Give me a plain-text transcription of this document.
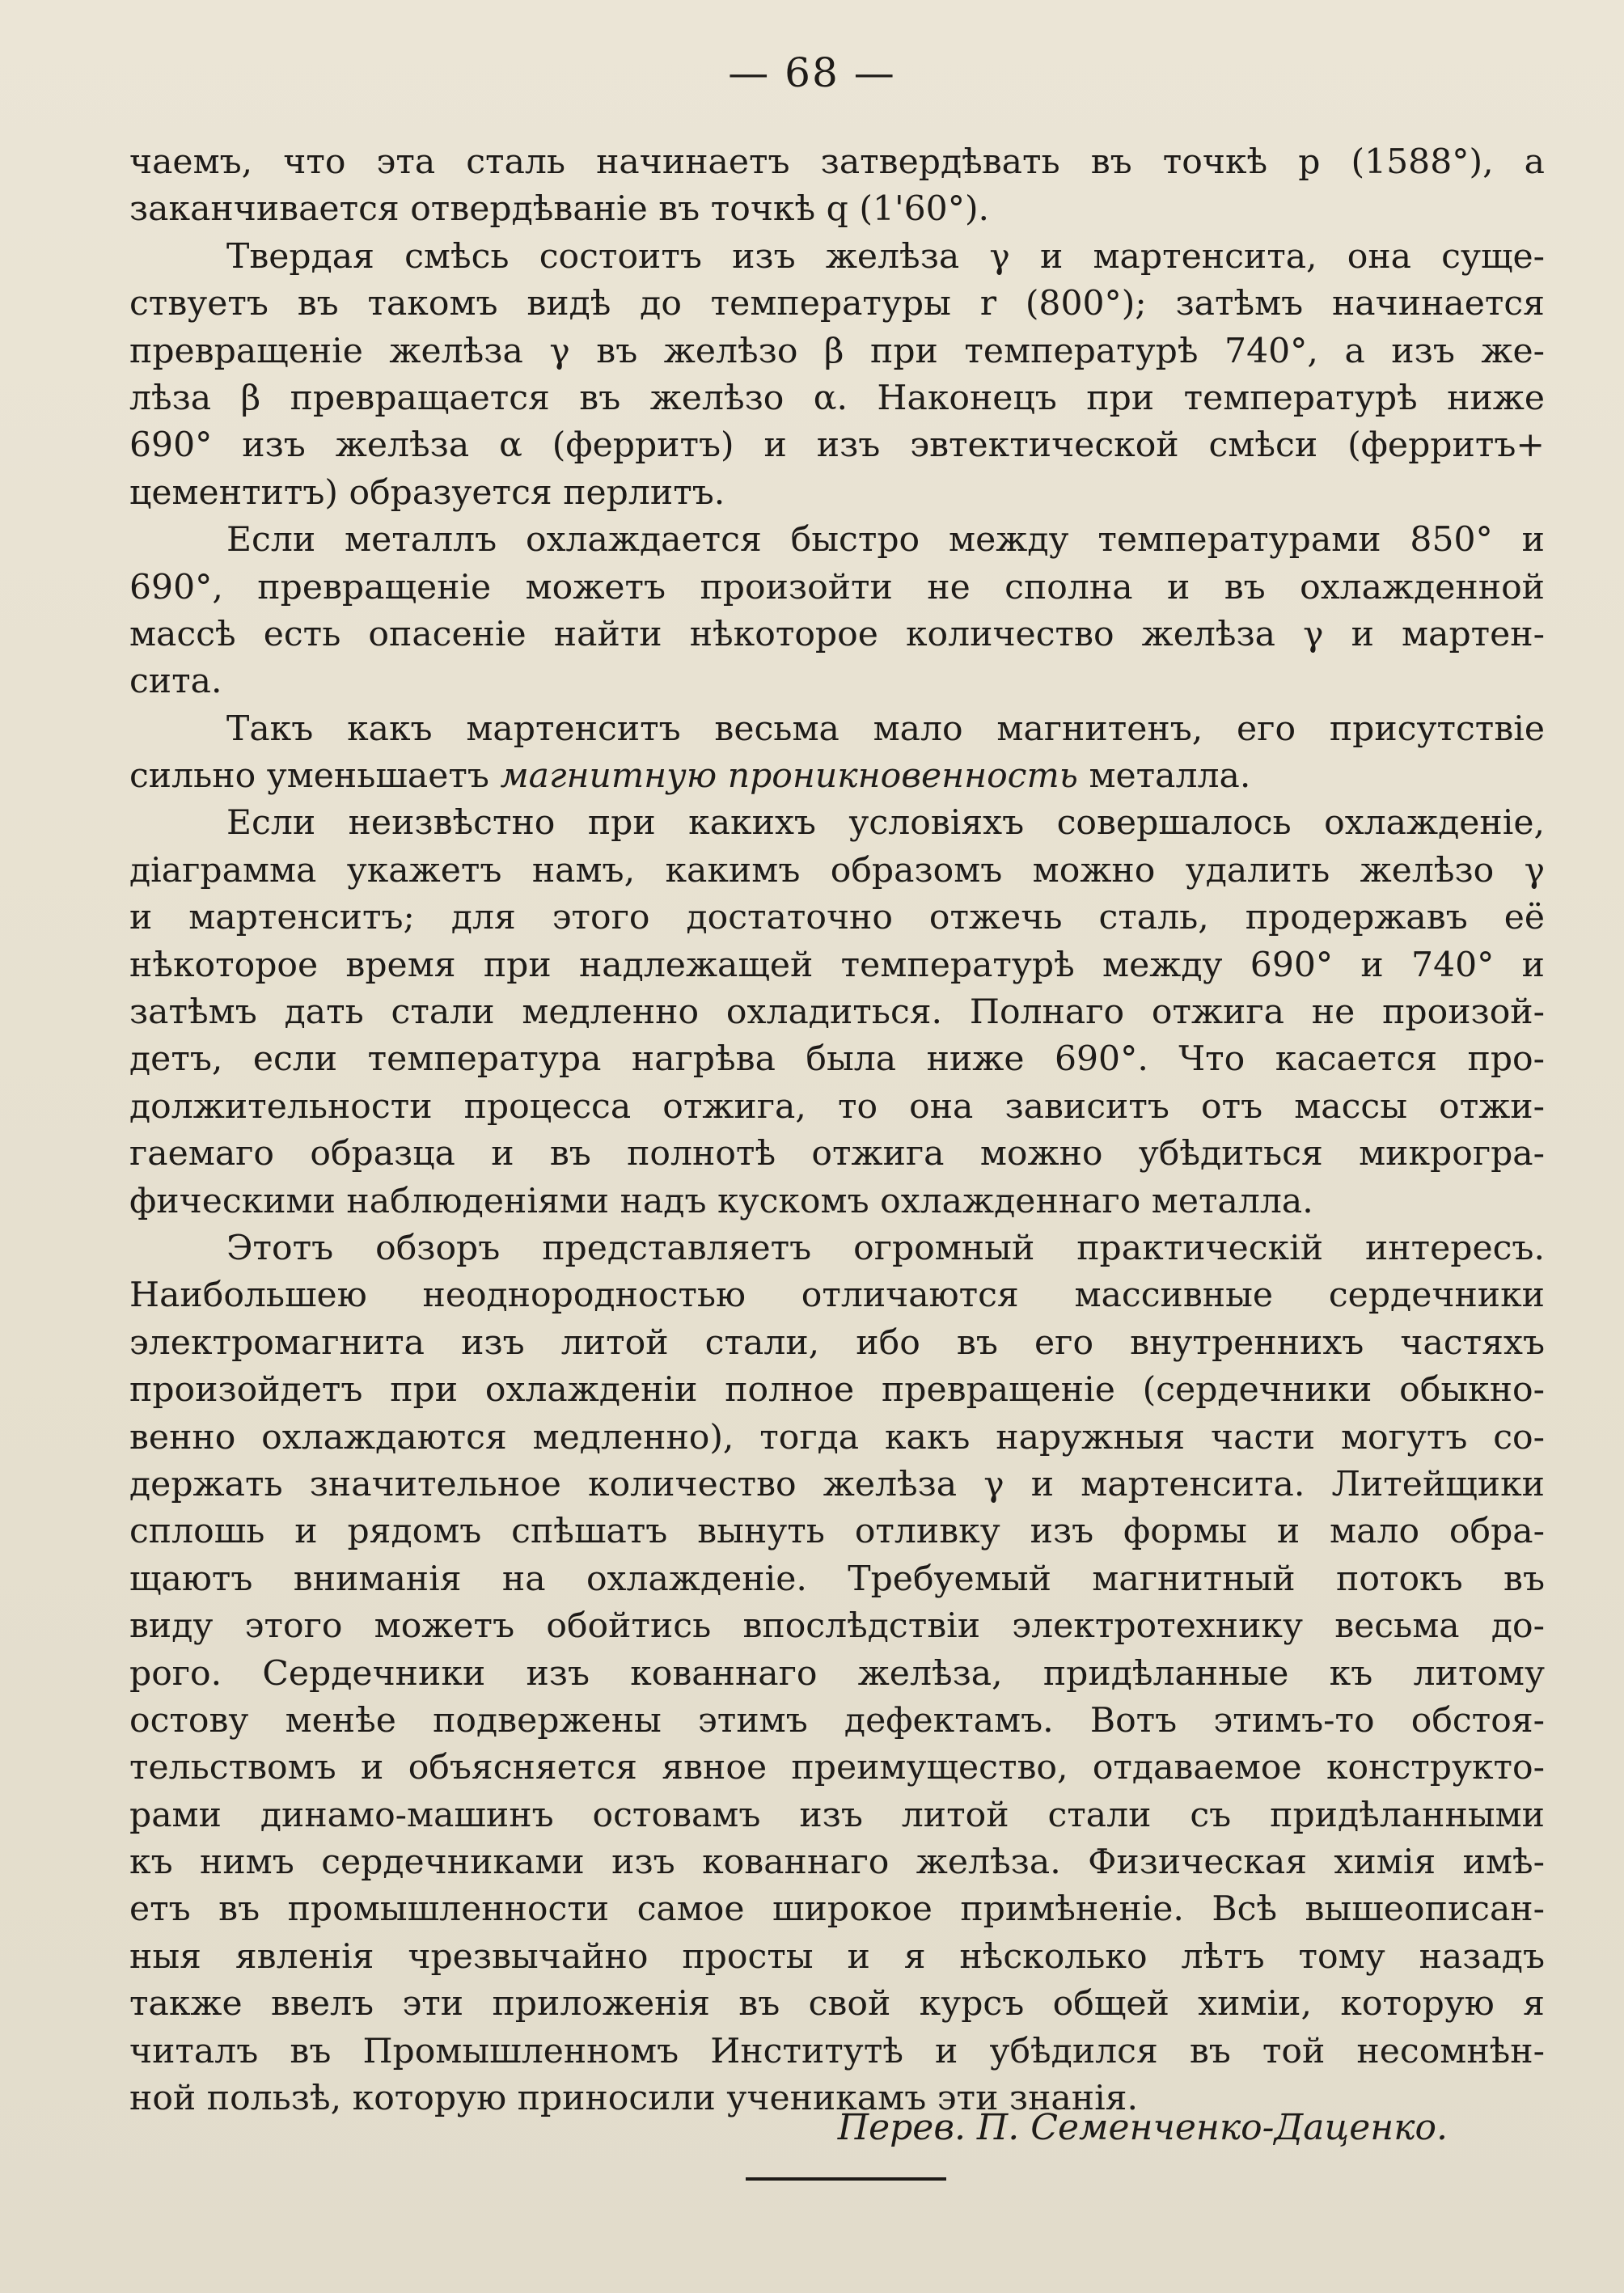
— 68 —
чаемъ, что эта сталь начинаетъ затвердѣвать въ точкѣ p (1588°), а
заканчивается отвердѣваніе въ точкѣ q (1'60°).
Твердая смѣсь состоитъ изъ желѣза γ и мартенсита, она суще-
ствуетъ въ такомъ видѣ до температуры r (800°); затѣмъ начинается
превращеніе желѣза γ въ желѣзо β при температурѣ 740°, а изъ же-
лѣза β превращается въ желѣзо α. Наконецъ при температурѣ ниже
690° изъ желѣза α (ферритъ) и изъ эвтектической смѣси (ферритъ+
цементитъ) образуется перлитъ.
Если металлъ охлаждается быстро между температурами 850° и
690°, превращеніе можетъ произойти не сполна и въ охлажденной
массѣ есть опасеніе найти нѣкоторое количество желѣза γ и мартен-
сита.
Такъ какъ мартенситъ весьма мало магнитенъ, его присутствіе
сильно уменьшаетъ магнитную проникновенность металла.
Если неизвѣстно при какихъ условіяхъ совершалось охлажденіе,
діаграмма укажетъ намъ, какимъ образомъ можно удалить желѣзо γ
и мартенситъ; для этого достаточно отжечь сталь, продержавъ её
нѣкоторое время при надлежащей температурѣ между 690° и 740° и
затѣмъ дать стали медленно охладиться. Полнаго отжига не произой-
детъ, если температура нагрѣва была ниже 690°. Что касается про-
должительности процесса отжига, то она зависитъ отъ массы отжи-
гаемаго образца и въ полнотѣ отжига можно убѣдиться микрогра-
фическими наблюденіями надъ кускомъ охлажденнаго металла.
Этотъ обзоръ представляетъ огромный практическій интересъ.
Наибольшею неоднородностью отличаются массивные сердечники
электромагнита изъ литой стали, ибо въ его внутреннихъ частяхъ
произойдетъ при охлажденіи полное превращеніе (сердечники обыкно-
венно охлаждаются медленно), тогда какъ наружныя части могутъ со-
держать значительное количество желѣза γ и мартенсита. Литейщики
сплошь и рядомъ спѣшатъ вынуть отливку изъ формы и мало обра-
щаютъ вниманія на охлажденіе. Требуемый магнитный потокъ въ
виду этого можетъ обойтись впослѣдствіи электротехнику весьма до-
рого. Сердечники изъ кованнаго желѣза, придѣланные къ литому
остову менѣе подвержены этимъ дефектамъ. Вотъ этимъ-то обстоя-
тельствомъ и объясняется явное преимущество, отдаваемое конструкто-
рами динамо-машинъ остовамъ изъ литой стали съ придѣланными
къ нимъ сердечниками изъ кованнаго желѣза. Физическая химія имѣ-
етъ въ промышленности самое широкое примѣненіе. Всѣ вышеописан-
ныя явленія чрезвычайно просты и я нѣсколько лѣтъ тому назадъ
также ввелъ эти приложенія въ свой курсъ общей химіи, которую я
читалъ въ Промышленномъ Институтѣ и убѣдился въ той несомнѣн-
ной пользѣ, которую приносили ученикамъ эти знанія.
Перев. П. Семенченко-Даценко.
